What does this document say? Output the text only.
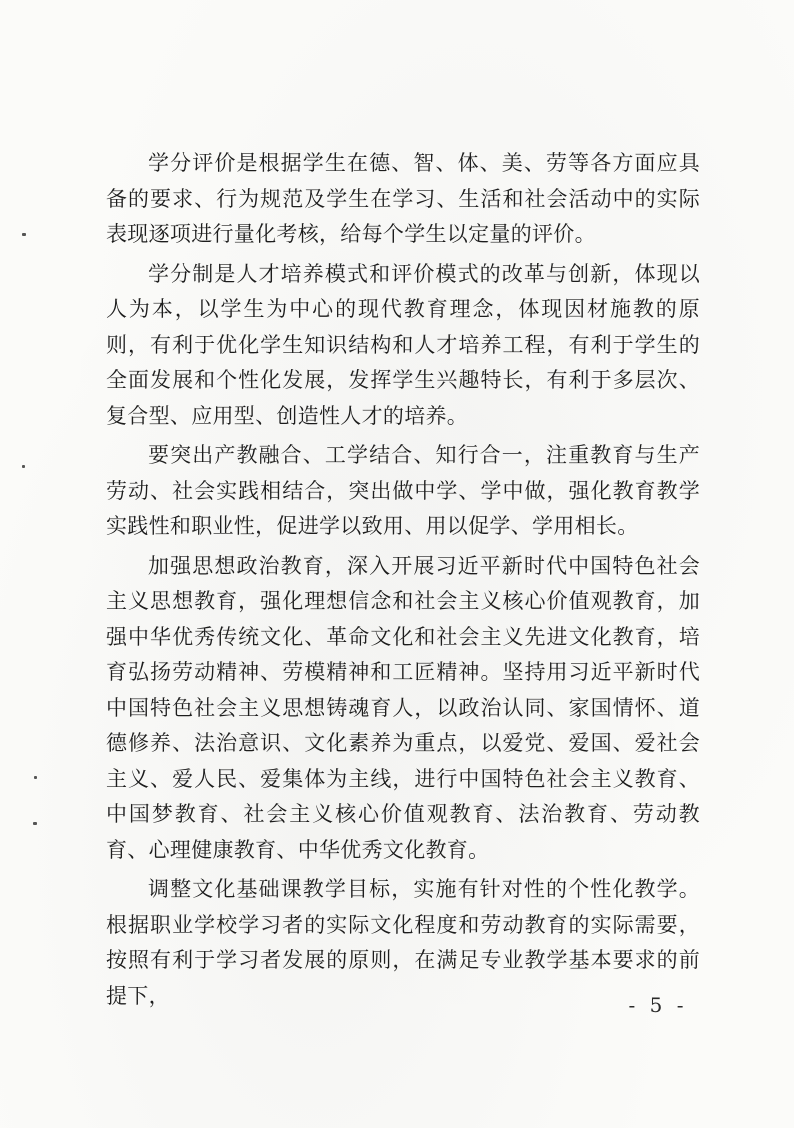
学分评价是根据学生在德、智、体、美、劳等各方面应具备的要求、行为规范及学生在学习、生活和社会活动中的实际表现逐项进行量化考核，给每个学生以定量的评价。

学分制是人才培养模式和评价模式的改革与创新，体现以人为本，以学生为中心的现代教育理念，体现因材施教的原则，有利于优化学生知识结构和人才培养工程，有利于学生的全面发展和个性化发展，发挥学生兴趣特长，有利于多层次、复合型、应用型、创造性人才的培养。

要突出产教融合、工学结合、知行合一，注重教育与生产劳动、社会实践相结合，突出做中学、学中做，强化教育教学实践性和职业性，促进学以致用、用以促学、学用相长。

加强思想政治教育，深入开展习近平新时代中国特色社会主义思想教育，强化理想信念和社会主义核心价值观教育，加强中华优秀传统文化、革命文化和社会主义先进文化教育，培育弘扬劳动精神、劳模精神和工匠精神。坚持用习近平新时代中国特色社会主义思想铸魂育人，以政治认同、家国情怀、道德修养、法治意识、文化素养为重点，以爱党、爱国、爱社会主义、爱人民、爱集体为主线，进行中国特色社会主义教育、中国梦教育、社会主义核心价值观教育、法治教育、劳动教育、心理健康教育、中华优秀文化教育。

调整文化基础课教学目标，实施有针对性的个性化教学。根据职业学校学习者的实际文化程度和劳动教育的实际需要，按照有利于学习者发展的原则，在满足专业教学基本要求的前提下，	- 5 -
